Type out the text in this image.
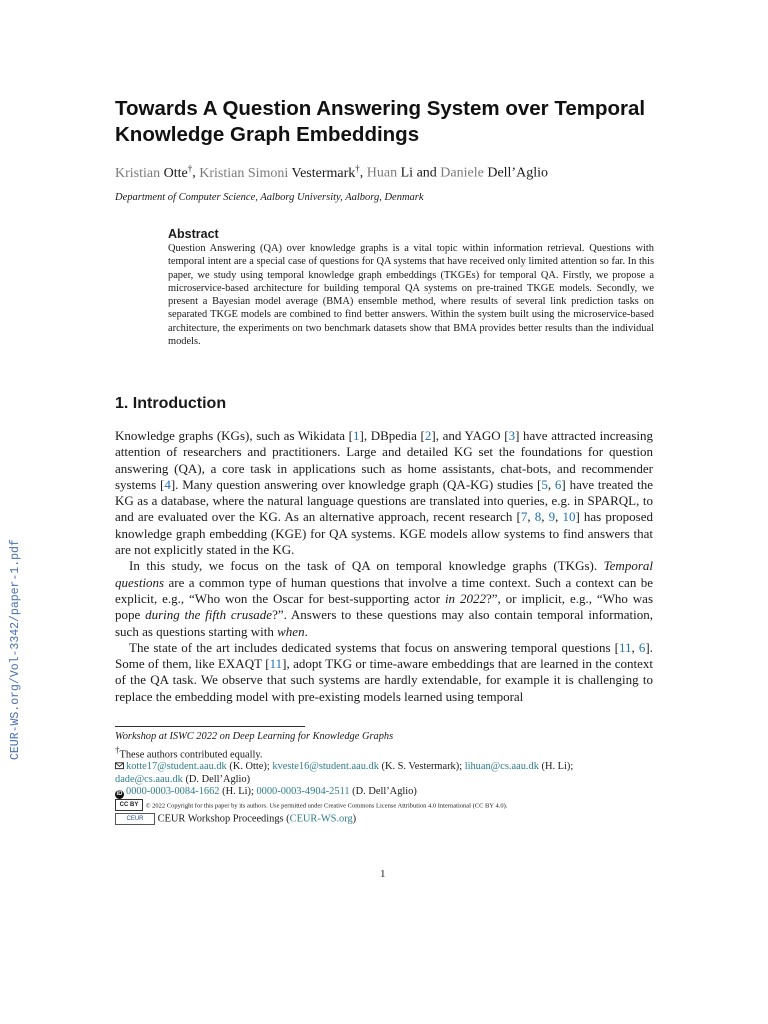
CEUR-WS.org/Vol-3342/paper-1.pdf
Towards A Question Answering System over Temporal Knowledge Graph Embeddings
Kristian Otte†, Kristian Simoni Vestermark†, Huan Li and Daniele Dell’Aglio
Department of Computer Science, Aalborg University, Aalborg, Denmark
Abstract
Question Answering (QA) over knowledge graphs is a vital topic within information retrieval. Questions with temporal intent are a special case of questions for QA systems that have received only limited attention so far. In this paper, we study using temporal knowledge graph embeddings (TKGEs) for temporal QA. Firstly, we propose a microservice-based architecture for building temporal QA systems on pre-trained TKGE models. Secondly, we present a Bayesian model average (BMA) ensemble method, where results of several link prediction tasks on separated TKGE models are combined to find better answers. Within the system built using the microservice-based architecture, the experiments on two benchmark datasets show that BMA provides better results than the individual models.
1. Introduction

Knowledge graphs (KGs), such as Wikidata [1], DBpedia [2], and YAGO [3] have attracted increasing attention of researchers and practitioners. Large and detailed KG set the foundations for question answering (QA), a core task in applications such as home assistants, chat-bots, and recommender systems [4]. Many question answering over knowledge graph (QA-KG) studies [5, 6] have treated the KG as a database, where the natural language questions are translated into queries, e.g. in SPARQL, to and are evaluated over the KG. As an alternative approach, recent research [7, 8, 9, 10] has proposed knowledge graph embedding (KGE) for QA systems. KGE models allow systems to find answers that are not explicitly stated in the KG.

In this study, we focus on the task of QA on temporal knowledge graphs (TKGs). Temporal questions are a common type of human questions that involve a time context. Such a context can be explicit, e.g., “Who won the Oscar for best-supporting actor in 2022?”, or implicit, e.g., “Who was pope during the fifth crusade?”. Answers to these questions may also contain temporal information, such as questions starting with when.

The state of the art includes dedicated systems that focus on answering temporal questions [11, 6]. Some of them, like EXAQT [11], adopt TKG or time-aware embeddings that are learned in the context of the QA task. We observe that such systems are hardly extendable, for example it is challenging to replace the embedding model with pre-existing models learned using temporal

Workshop at ISWC 2022 on Deep Learning for Knowledge Graphs
†These authors contributed equally.
kotte17@student.aau.dk (K. Otte); kveste16@student.aau.dk (K. S. Vestermark); lihuan@cs.aau.dk (H. Li);
dade@cs.aau.dk (D. Dell’Aglio)
iD 0000-0003-0084-1662 (H. Li); 0000-0003-4904-2511 (D. Dell’Aglio)
CC BY © 2022 Copyright for this paper by its authors. Use permitted under Creative Commons License Attribution 4.0 International (CC BY 4.0).
CEUR CEUR Workshop Proceedings (CEUR-WS.org)
1
